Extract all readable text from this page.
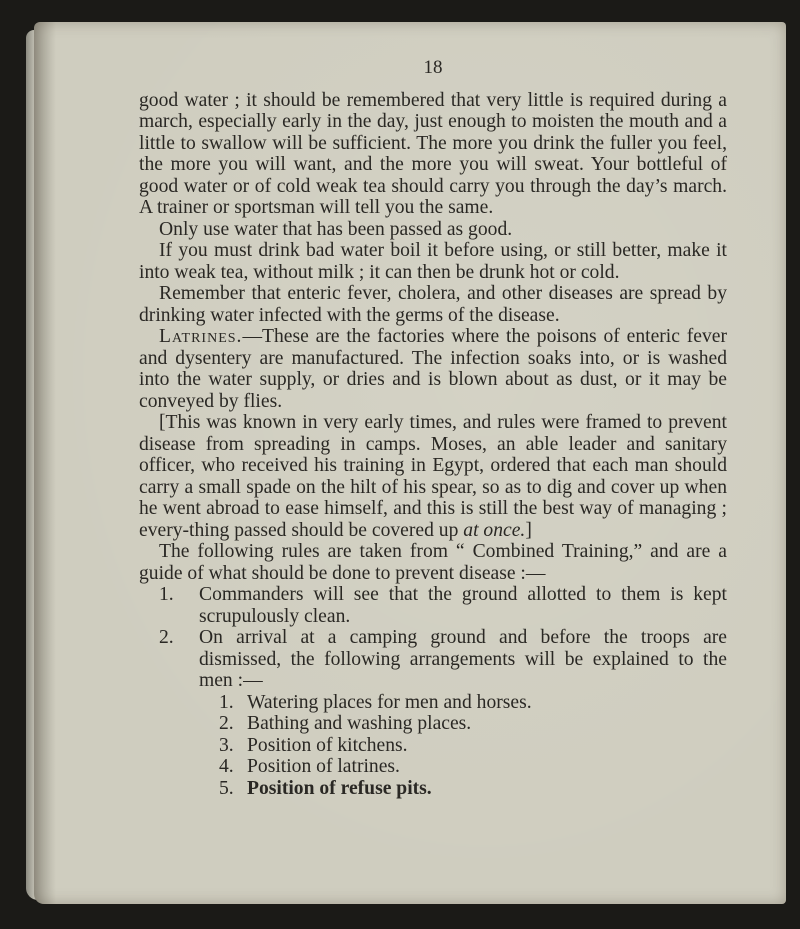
18

good water ; it should be remembered that very little is required during a march, especially early in the day, just enough to moisten the mouth and a little to swallow will be sufficient. The more you drink the fuller you feel, the more you will want, and the more you will sweat. Your bottleful of good water or of cold weak tea should carry you through the day’s march. A trainer or sportsman will tell you the same.

Only use water that has been passed as good.

If you must drink bad water boil it before using, or still better, make it into weak tea, without milk ; it can then be drunk hot or cold.

Remember that enteric fever, cholera, and other diseases are spread by drinking water infected with the germs of the disease.

Latrines.—These are the factories where the poisons of enteric fever and dysentery are manufactured. The infection soaks into, or is washed into the water supply, or dries and is blown about as dust, or it may be conveyed by flies.

[This was known in very early times, and rules were framed to prevent disease from spreading in camps. Moses, an able leader and sanitary officer, who received his training in Egypt, ordered that each man should carry a small spade on the hilt of his spear, so as to dig and cover up when he went abroad to ease himself, and this is still the best way of managing ; every-thing passed should be covered up at once.]

The following rules are taken from “ Combined Training,” and are a guide of what should be done to prevent disease :—

1.	Commanders will see that the ground allotted to them is kept scrupulously clean.
2.	On arrival at a camping ground and before the troops are dismissed, the following arrangements will be explained to the men :—
1. Watering places for men and horses.
2. Bathing and washing places.
3. Position of kitchens.
4. Position of latrines.
5. Position of refuse pits.
